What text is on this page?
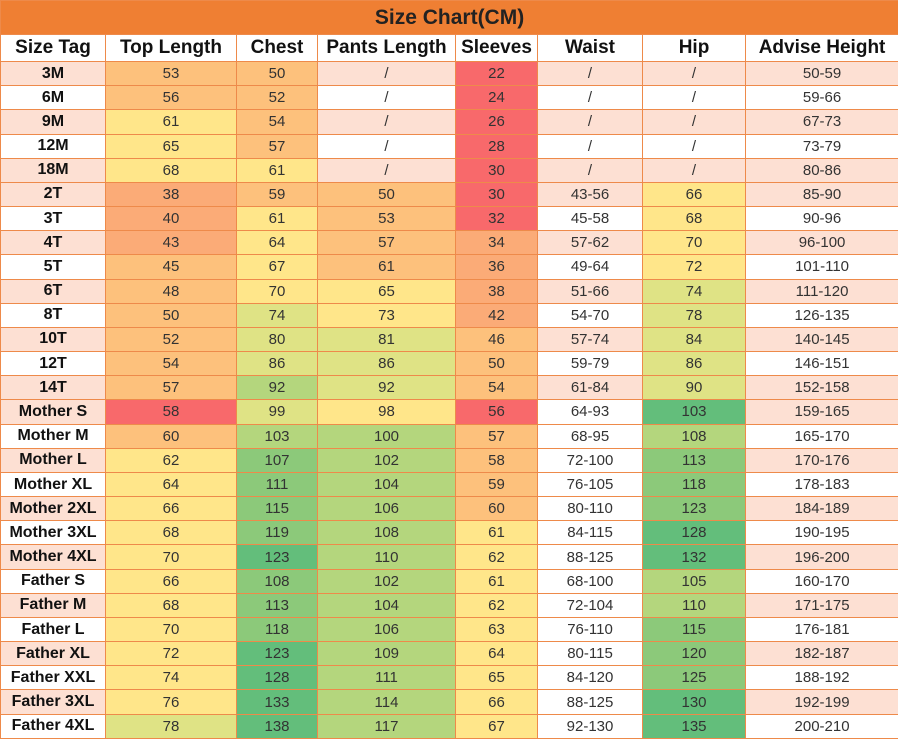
Size Chart(CM)							
Size Tag	Top Length	Chest	Pants Length	Sleeves	Waist	Hip	Advise Height
3M	53	50	/	22	/	/	50-59
6M	56	52	/	24	/	/	59-66
9M	61	54	/	26	/	/	67-73
12M	65	57	/	28	/	/	73-79
18M	68	61	/	30	/	/	80-86
2T	38	59	50	30	43-56	66	85-90
3T	40	61	53	32	45-58	68	90-96
4T	43	64	57	34	57-62	70	96-100
5T	45	67	61	36	49-64	72	101-110
6T	48	70	65	38	51-66	74	111-120
8T	50	74	73	42	54-70	78	126-135
10T	52	80	81	46	57-74	84	140-145
12T	54	86	86	50	59-79	86	146-151
14T	57	92	92	54	61-84	90	152-158
Mother S	58	99	98	56	64-93	103	159-165
Mother M	60	103	100	57	68-95	108	165-170
Mother L	62	107	102	58	72-100	113	170-176
Mother XL	64	111	104	59	76-105	118	178-183
Mother 2XL	66	115	106	60	80-110	123	184-189
Mother 3XL	68	119	108	61	84-115	128	190-195
Mother 4XL	70	123	110	62	88-125	132	196-200
Father S	66	108	102	61	68-100	105	160-170
Father M	68	113	104	62	72-104	110	171-175
Father L	70	118	106	63	76-110	115	176-181
Father XL	72	123	109	64	80-115	120	182-187
Father XXL	74	128	111	65	84-120	125	188-192
Father 3XL	76	133	114	66	88-125	130	192-199
Father 4XL	78	138	117	67	92-130	135	200-210
